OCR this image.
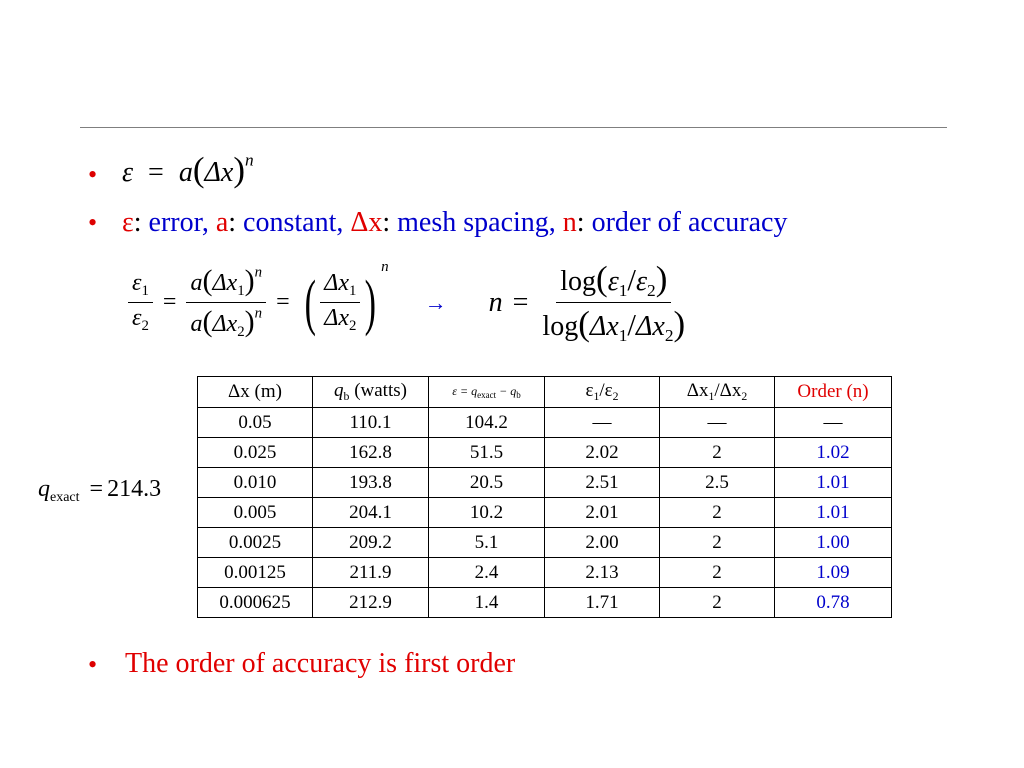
• $\varepsilon = a(\Delta x)^n$
• ε: error, a: constant, Δx: mesh spacing, n: order of accuracy
$\frac{\varepsilon_1}{\varepsilon_2} = \frac{a(\Delta x_1)^n}{a(\Delta x_2)^n}$ = ( $\frac{\Delta x_1}{\Delta x_2}$ )
n
→ $n = \frac{\log(\varepsilon_1/\varepsilon_2)}{\log(\Delta x_1/\Delta x_2)}$
$q_{exact} = 214.3$
Δx (m)	$q_b$ (watts)	$\varepsilon = q_{exact} - q_b$	$\varepsilon_1/\varepsilon_2$	$\Delta x_1/\Delta x_2$	Order (n)
0.05	110.1	104.2	—	—	—
0.025	162.8	51.5	2.02	2	1.02
0.010	193.8	20.5	2.51	2.5	1.01
0.005	204.1	10.2	2.01	2	1.01
0.0025	209.2	5.1	2.00	2	1.00
0.00125	211.9	2.4	2.13	2	1.09
0.000625	212.9	1.4	1.71	2	0.78
• The order of accuracy is first order
